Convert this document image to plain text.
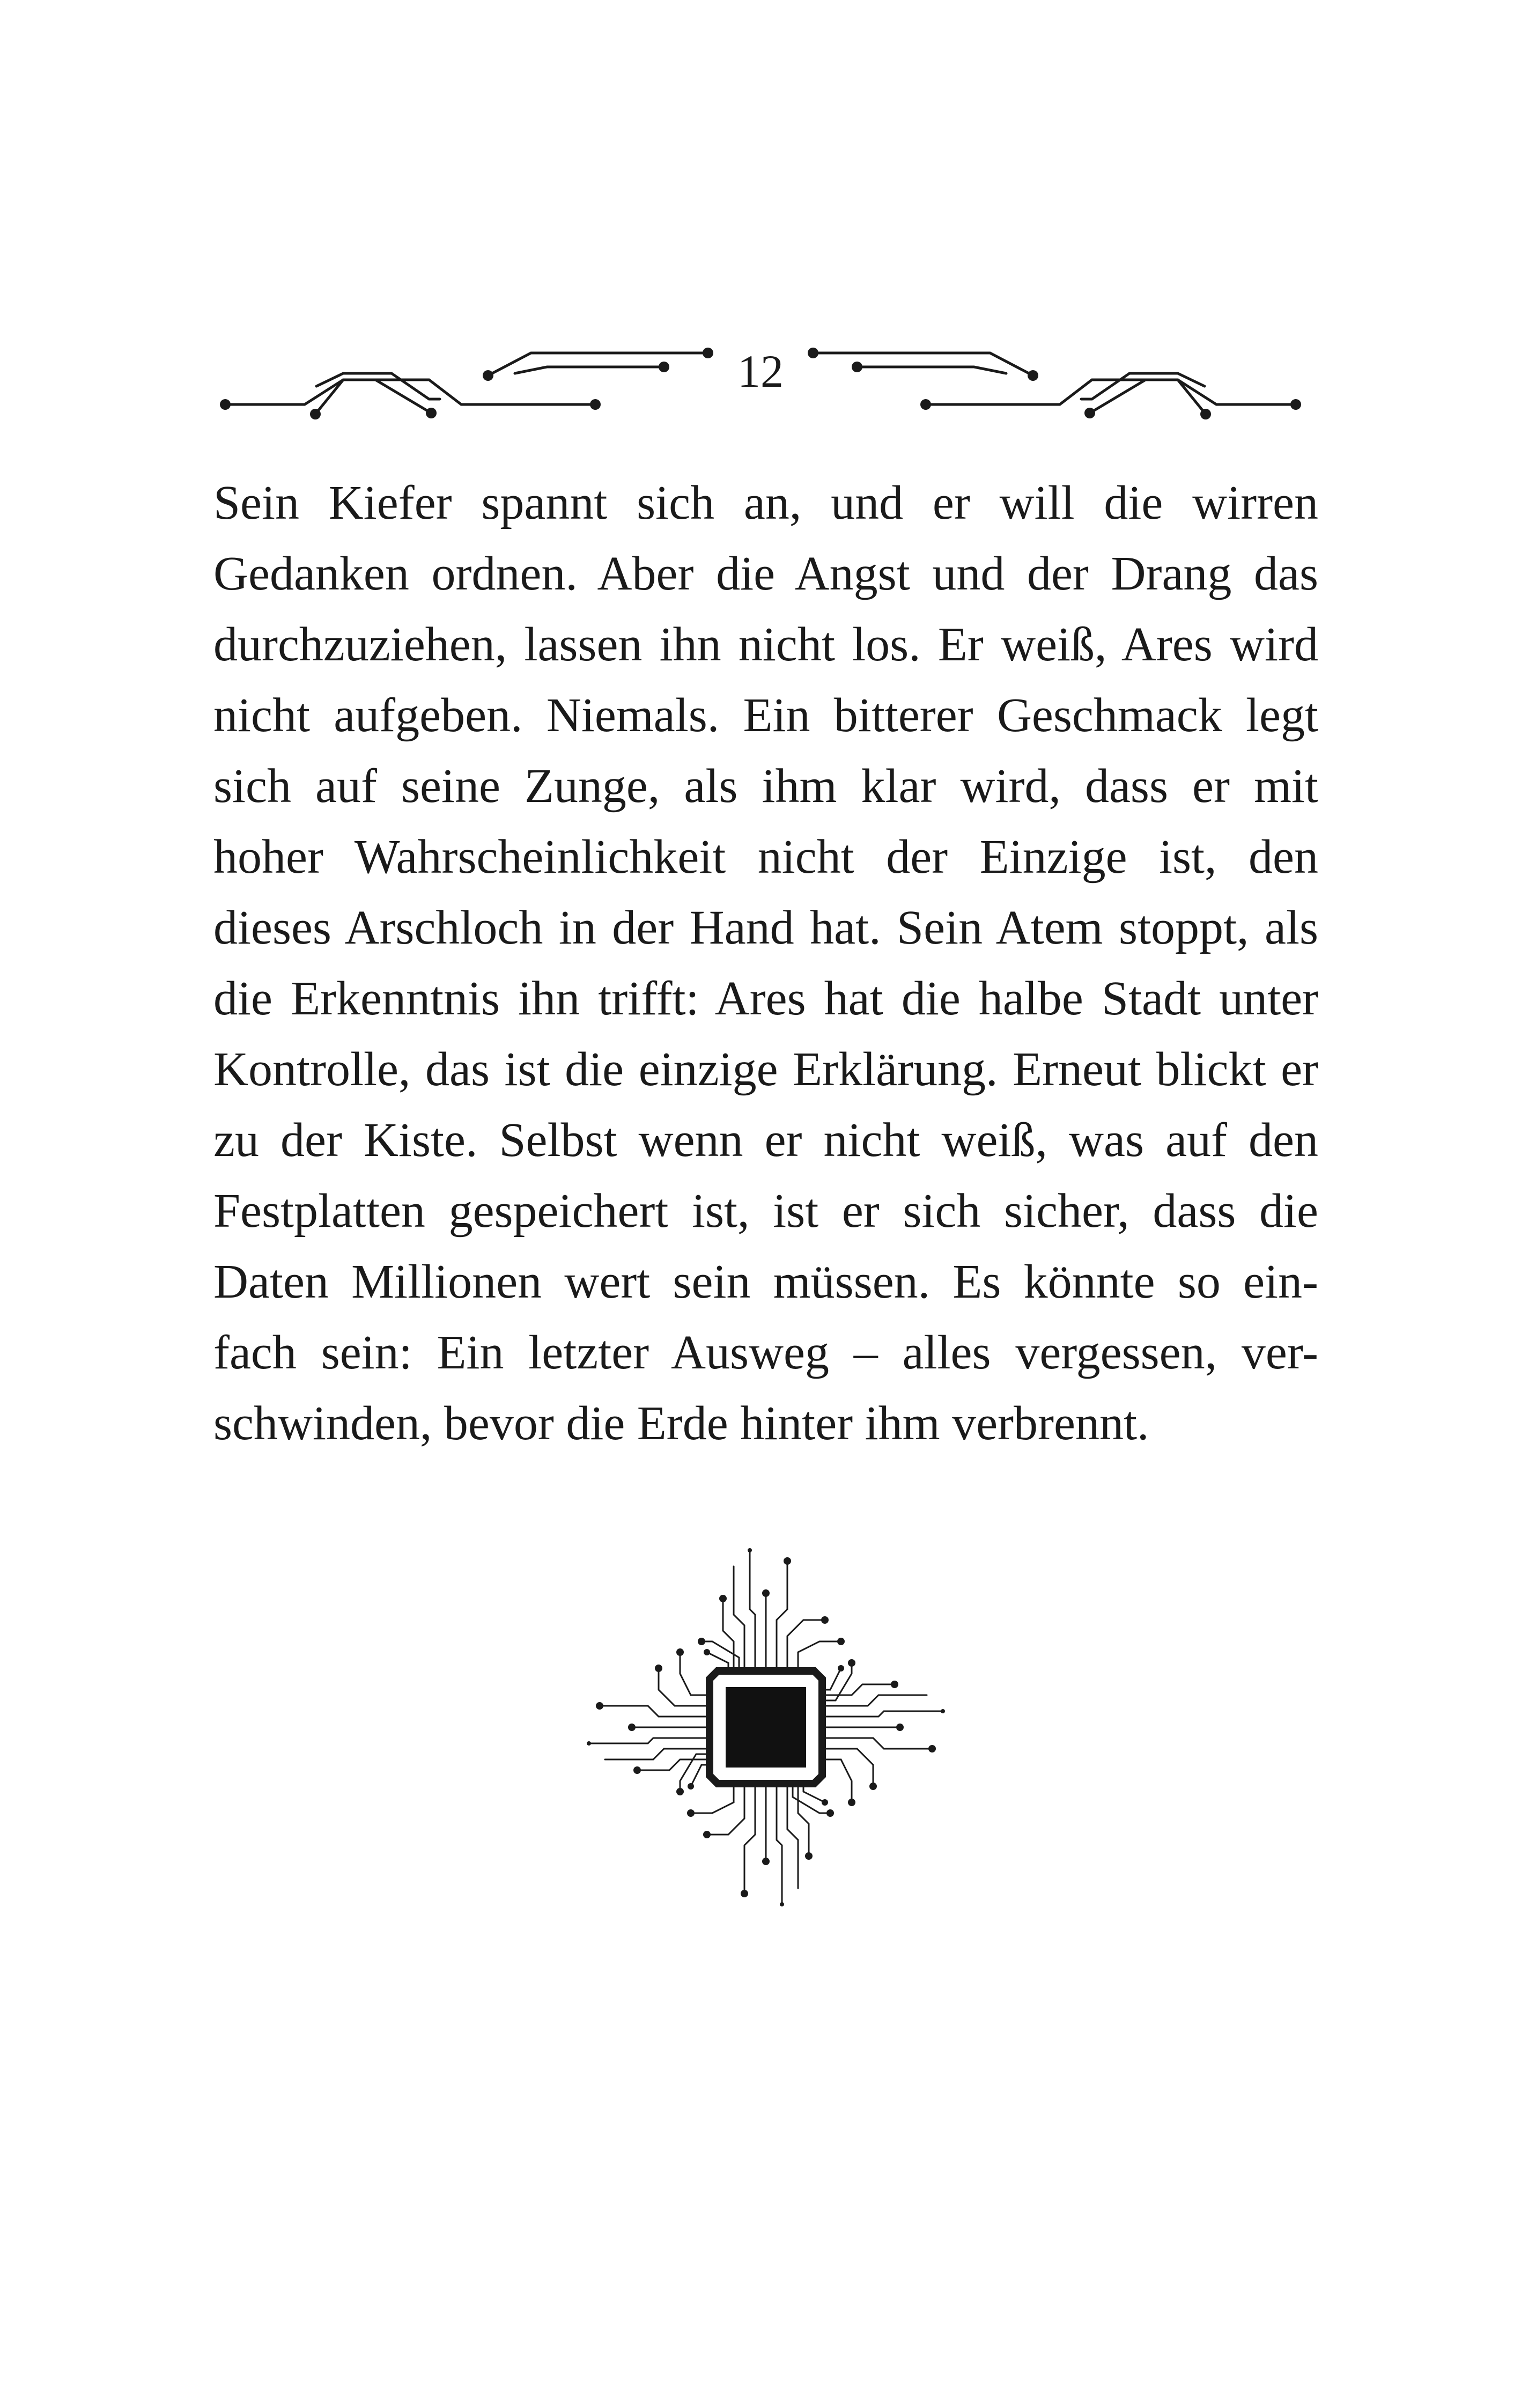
12

Sein Kiefer spannt sich an, und er will die wirren
Gedanken ordnen. Aber die Angst und der Drang das
durchzuziehen, lassen ihn nicht los. Er weiß, Ares wird
nicht aufgeben. Niemals. Ein bitterer Geschmack legt
sich auf seine Zunge, als ihm klar wird, dass er mit
hoher Wahrscheinlichkeit nicht der Einzige ist, den
dieses Arschloch in der Hand hat. Sein Atem stoppt, als
die Erkenntnis ihn trifft: Ares hat die halbe Stadt unter
Kontrolle, das ist die einzige Erklärung. Erneut blickt er
zu der Kiste. Selbst wenn er nicht weiß, was auf den
Festplatten gespeichert ist, ist er sich sicher, dass die
Daten Millionen wert sein müssen. Es könnte so ein-
fach sein: Ein letzter Ausweg – alles vergessen, ver-
schwinden, bevor die Erde hinter ihm verbrennt.
